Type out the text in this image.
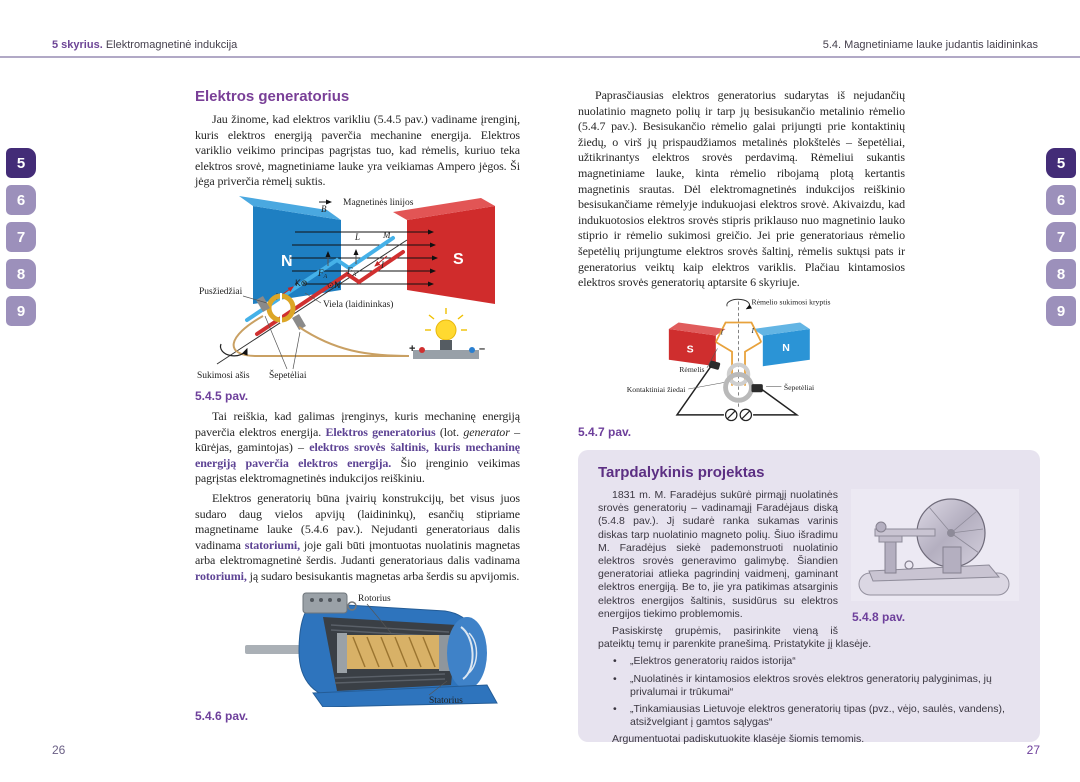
5 skyrius. Elektromagnetinė indukcija	5.4. Magnetiniame lauke judantis laidininkas
5
6
7
8
9
5
6
7
8
9
Elektros generatorius

Jau žinome, kad elektros varikliu (5.4.5 pav.) vadiname įrenginį, kuris elektros energiją paverčia mechanine energija. Elektros variklio veikimo principas pagrįstas tuo, kad rėmelis, kuriuo teka elektros srovė, magnetiniame lauke yra veikiamas Ampero jėgos. Ši jėga priverčia rėmelį suktis.

N	S
Magnetinės linijos
B
L	M
$F_A$
$F_A$
I
I
K⊗ ⊙N
+	–
Pusžiedžiai
Viela (laidininkas)
Sukimosi ašis Šepetėliai
5.4.5 pav.

Tai reiškia, kad galimas įrenginys, kuris mechaninę energiją paverčia elektros energija. Elektros generatorius (lot. generator – kūrėjas, gamintojas) – elektros srovės šaltinis, kuris mechaninę energiją paverčia elektros energija. Šio įrenginio veikimas pagrįstas elektromagnetinės indukcijos reiškiniu.

Elektros generatorių būna įvairių konstrukcijų, bet visus juos sudaro daug vielos apvijų (laidininkų), esančių stipriame magnetiname lauke (5.4.6 pav.). Nejudanti generatoriaus dalis vadinama statoriumi, joje gali būti įmontuotas nuolatinis magnetas arba elektromagnetinė šerdis. Judanti generatoriaus dalis vadinama rotoriumi, ją sudaro besisukantis magnetas arba šerdis su apvijomis.

Rotorius
Statorius
5.4.6 pav.

Paprasčiausias elektros generatorius sudarytas iš nejudančių nuolatinio magneto polių ir tarp jų besisukančio metalinio rėmelio (5.4.7 pav.). Besisukančio rėmelio galai prijungti prie kontaktinių žiedų, o virš jų prispaudžiamos metalinės plokštelės – šepetėliai, užtikrinantys elektros srovės perdavimą. Rėmeliui sukantis magnetiniame lauke, kinta rėmelio ribojamą plotą kertantis magnetinis srautas. Dėl elektromagnetinės indukcijos reiškinio besisukančiame rėmelyje indukuojasi elektros srovė. Akivaizdu, kad indukuotosios elektros srovės stipris priklauso nuo magnetinio lauko stiprio ir rėmelio sukimosi greičio. Jei prie generatoriaus rėmelio šepetėlių prijungtume elektros srovės šaltinį, rėmelis suktųsi pats ir generatorius veiktų kaip elektros variklis. Plačiau kintamosios elektros srovės generatorių aptarsite 6 skyriuje.

Rėmelio sukimosi kryptis
S	N
I	I
Rėmelis
Kontaktiniai žiedai	Šepetėliai
5.4.7 pav.
Tarpdalykinis projektas
5.4.8 pav.

1831 m. M. Faradėjus sukūrė pirmąjį nuolatinės srovės generatorių – vadinamąjį Faradėjaus diską (5.4.8 pav.). Jį sudarė ranka sukamas varinis diskas tarp nuolatinio magneto polių. Šiuo išradimu M. Faradėjus siekė pademonstruoti nuolatinio elektros srovės generavimo galimybę. Šiandien generatoriai atlieka pagrindinį vaidmenį, gaminant elektros energiją. Be to, jie yra patikimas atsarginis elektros energijos šaltinis, susidūrus su elektros energijos tiekimo problemomis.

Pasiskirstę grupėmis, pasirinkite vieną iš pateiktų temų ir parenkite pranešimą. Pristatykite jį klasėje.

• „Elektros generatorių raidos istorija“
• „Nuolatinės ir kintamosios elektros srovės elektros generatorių palyginimas, jų privalumai ir trūkumai“
• „Tinkamiausias Lietuvoje elektros generatorių tipas (pvz., vėjo, saulės, vandens), atsižvelgiant į gamtos sąlygas“

Argumentuotai padiskutuokite klasėje šiomis temomis.

26	27
